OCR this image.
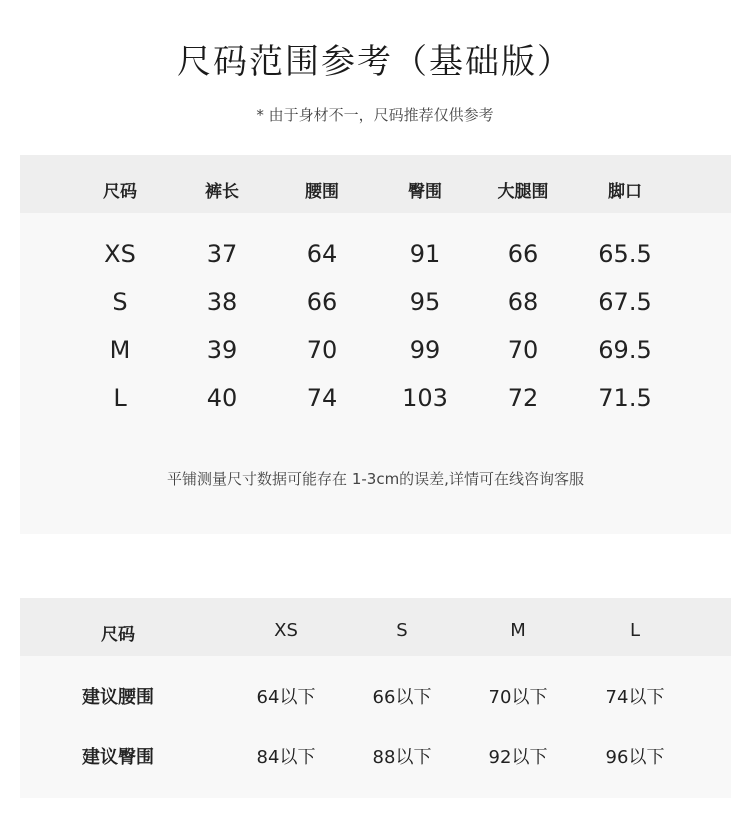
尺码范围参考（基础版）
* 由于身材不一，尺码推荐仅供参考
尺码	裤长	腰围	臀围	大腿围	脚口
XS	37	64	91	66	65.5
S	38	66	95	68	67.5
M	39	70	99	70	69.5
L	40	74	103	72	71.5
平铺测量尺寸数据可能存在 1-3cm的误差,详情可在线咨询客服
尺码	XS	S	M	L
建议腰围	64以下	66以下	70以下	74以下
建议臀围	84以下	88以下	92以下	96以下
